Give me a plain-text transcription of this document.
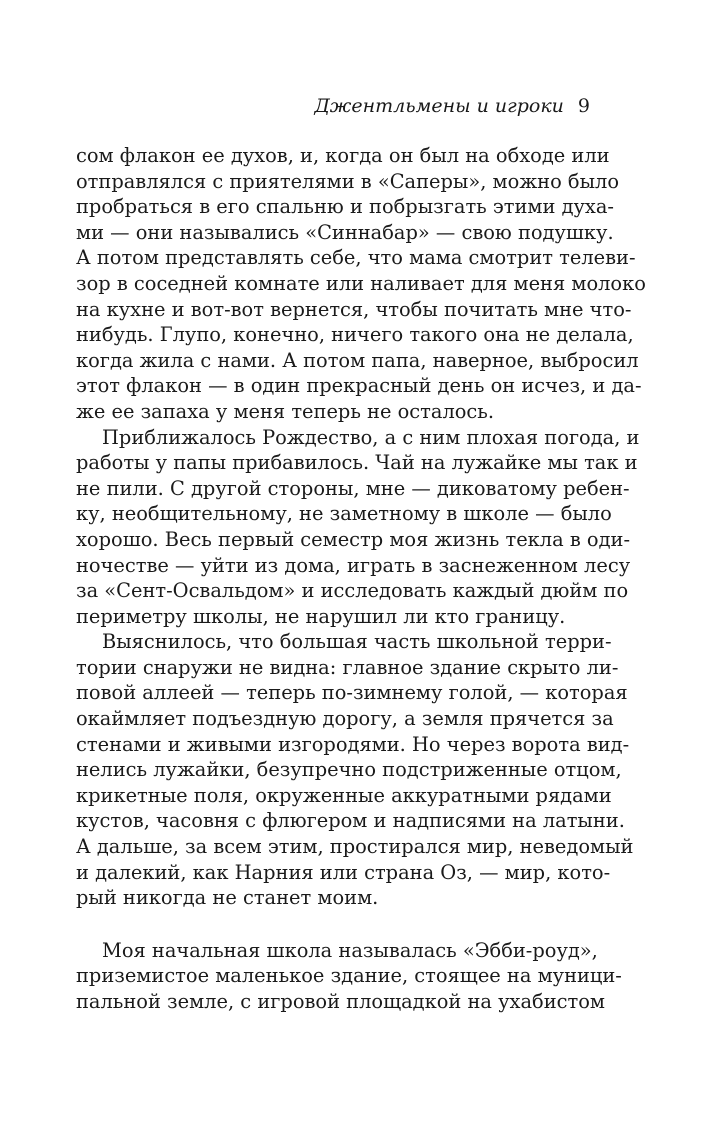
Джентльмены и игроки 9
сом флакон ее духов, и, когда он был на обходе или
отправлялся с приятелями в «Саперы», можно было
пробраться в его спальню и побрызгать этими духа-
ми — они назывались «Синнабар» — свою подушку.
А потом представлять себе, что мама смотрит телеви-
зор в соседней комнате или наливает для меня молоко
на кухне и вот-вот вернется, чтобы почитать мне что-
нибудь. Глупо, конечно, ничего такого она не делала,
когда жила с нами. А потом папа, наверное, выбросил
этот флакон — в один прекрасный день он исчез, и да-
же ее запаха у меня теперь не осталось.
Приближалось Рождество, а с ним плохая погода, и
работы у папы прибавилось. Чай на лужайке мы так и
не пили. С другой стороны, мне — диковатому ребен-
ку, необщительному, не заметному в школе — было
хорошо. Весь первый семестр моя жизнь текла в оди-
ночестве — уйти из дома, играть в заснеженном лесу
за «Сент-Освальдом» и исследовать каждый дюйм по
периметру школы, не нарушил ли кто границу.
Выяснилось, что большая часть школьной терри-
тории снаружи не видна: главное здание скрыто ли-
повой аллеей — теперь по-зимнему голой, — которая
окаймляет подъездную дорогу, а земля прячется за
стенами и живыми изгородями. Но через ворота вид-
нелись лужайки, безупречно подстриженные отцом,
крикетные поля, окруженные аккуратными рядами
кустов, часовня с флюгером и надписями на латыни.
А дальше, за всем этим, простирался мир, неведомый
и далекий, как Нарния или страна Оз, — мир, кото-
рый никогда не станет моим.
Моя начальная школа называлась «Эбби-роуд»,
приземистое маленькое здание, стоящее на муници-
пальной земле, с игровой площадкой на ухабистом
